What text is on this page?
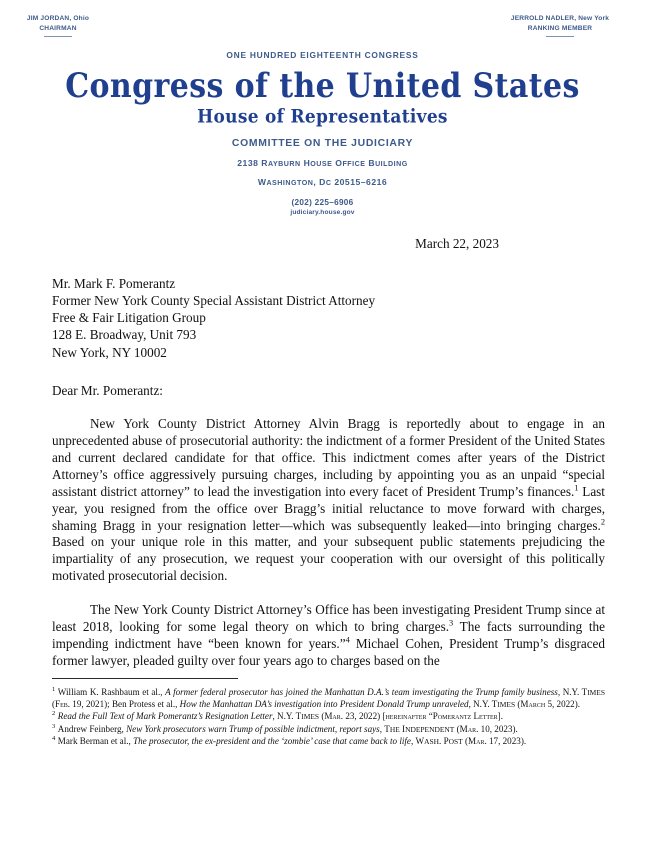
JIM JORDAN, Ohio
CHAIRMAN
JERROLD NADLER, New York
RANKING MEMBER
ONE HUNDRED EIGHTEENTH CONGRESS
Congress of the United States
House of Representatives
COMMITTEE ON THE JUDICIARY
2138 RAYBURN HOUSE OFFICE BUILDING
WASHINGTON, DC 20515–6216
(202) 225–6906
judiciary.house.gov
March 22, 2023
Mr. Mark F. Pomerantz
Former New York County Special Assistant District Attorney
Free & Fair Litigation Group
128 E. Broadway, Unit 793
New York, NY 10002
Dear Mr. Pomerantz:

New York County District Attorney Alvin Bragg is reportedly about to engage in an unprecedented abuse of prosecutorial authority: the indictment of a former President of the United States and current declared candidate for that office. This indictment comes after years of the District Attorney’s office aggressively pursuing charges, including by appointing you as an unpaid “special assistant district attorney” to lead the investigation into every facet of President Trump’s finances.$^1$ Last year, you resigned from the office over Bragg’s initial reluctance to move forward with charges, shaming Bragg in your resignation letter—which was subsequently leaked—into bringing charges.$^2$ Based on your unique role in this matter, and your subsequent public statements prejudicing the impartiality of any prosecution, we request your cooperation with our oversight of this politically motivated prosecutorial decision.

The New York County District Attorney’s Office has been investigating President Trump since at least 2018, looking for some legal theory on which to bring charges.$^3$ The facts surrounding the impending indictment have “been known for years.”$^4$ Michael Cohen, President Trump’s disgraced former lawyer, pleaded guilty over four years ago to charges based on the

$^1$ William K. Rashbaum et al., A former federal prosecutor has joined the Manhattan D.A.’s team investigating the Trump family business, N.Y. TIMES (Feb. 19, 2021); Ben Protess et al., How the Manhattan DA’s investigation into President Donald Trump unraveled, N.Y. TIMES (March 5, 2022).
$^2$ Read the Full Text of Mark Pomerantz’s Resignation Letter, N.Y. TIMES (Mar. 23, 2022) [hereinafter “Pomerantz Letter].
$^3$ Andrew Feinberg, New York prosecutors warn Trump of possible indictment, report says, THE INDEPENDENT (Mar. 10, 2023).
$^4$ Mark Berman et al., The prosecutor, the ex-president and the ‘zombie’ case that came back to life, WASH. POST (Mar. 17, 2023).
